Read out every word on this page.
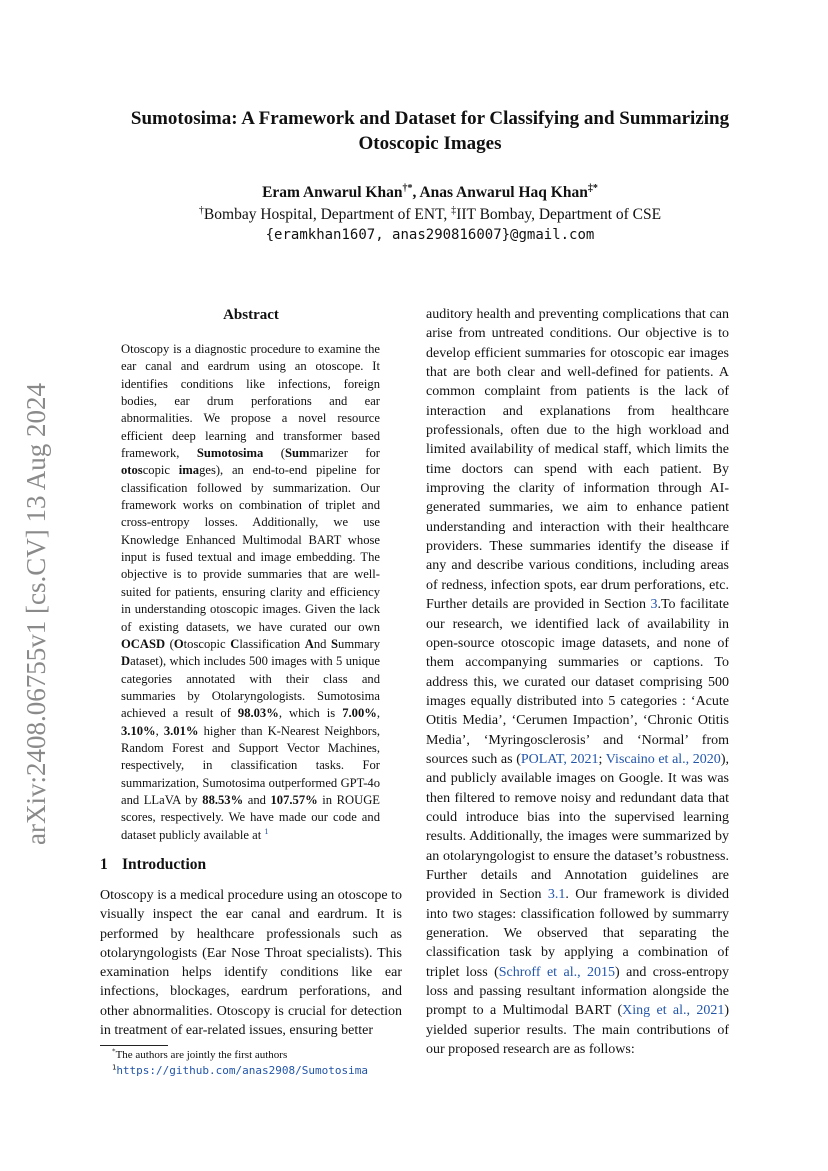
arXiv:2408.06755v1 [cs.CV] 13 Aug 2024
Sumotosima: A Framework and Dataset for Classifying and Summarizing
Otoscopic Images
Eram Anwarul Khan†*, Anas Anwarul Haq Khan‡*
†Bombay Hospital, Department of ENT, ‡IIT Bombay, Department of CSE
{eramkhan1607, anas290816007}@gmail.com
Abstract

Otoscopy is a diagnostic procedure to examine the ear canal and eardrum using an otoscope. It identifies conditions like infections, foreign bodies, ear drum perforations and ear abnormalities. We propose a novel resource efficient deep learning and transformer based framework, Sumotosima (Summarizer for otoscopic images), an end-to-end pipeline for classification followed by summarization. Our framework works on combination of triplet and cross-entropy losses. Additionally, we use Knowledge Enhanced Multimodal BART whose input is fused textual and image embedding. The objective is to provide summaries that are well-suited for patients, ensuring clarity and efficiency in understanding otoscopic images. Given the lack of existing datasets, we have curated our own OCASD (Otoscopic Classification And Summary Dataset), which includes 500 images with 5 unique categories annotated with their class and summaries by Otolaryngologists. Sumotosima achieved a result of 98.03%, which is 7.00%, 3.10%, 3.01% higher than K-Nearest Neighbors, Random Forest and Support Vector Machines, respectively, in classification tasks. For summarization, Sumotosima outperformed GPT-4o and LLaVA by 88.53% and 107.57% in ROUGE scores, respectively. We have made our code and dataset publicly available at $^1$

1 Introduction

Otoscopy is a medical procedure using an otoscope to visually inspect the ear canal and eardrum. It is performed by healthcare professionals such as otolaryngologists (Ear Nose Throat specialists). This examination helps identify conditions like ear infections, blockages, eardrum perforations, and other abnormalities. Otoscopy is crucial for detection in treatment of ear-related issues, ensuring better

*The authors are jointly the first authors
$^1$https://github.com/anas2908/Sumotosima

auditory health and preventing complications that can arise from untreated conditions. Our objective is to develop efficient summaries for otoscopic ear images that are both clear and well-defined for patients. A common complaint from patients is the lack of interaction and explanations from healthcare professionals, often due to the high workload and limited availability of medical staff, which limits the time doctors can spend with each patient. By improving the clarity of information through AI-generated summaries, we aim to enhance patient understanding and interaction with their healthcare providers. These summaries identify the disease if any and describe various conditions, including areas of redness, infection spots, ear drum perforations, etc. Further details are provided in Section 3.To facilitate our research, we identified lack of availability in open-source otoscopic image datasets, and none of them accompanying summaries or captions. To address this, we curated our dataset comprising 500 images equally distributed into 5 categories : ‘Acute Otitis Media’, ‘Cerumen Impaction’, ‘Chronic Otitis Media’, ‘Myringosclerosis’ and ‘Normal’ from sources such as (POLAT, 2021; Viscaino et al., 2020), and publicly available images on Google. It was was then filtered to remove noisy and redundant data that could introduce bias into the supervised learning results. Additionally, the images were summarized by an otolaryngologist to ensure the dataset’s robustness. Further details and Annotation guidelines are provided in Section 3.1. Our framework is divided into two stages: classification followed by summarry generation. We observed that separating the classification task by applying a combination of triplet loss (Schroff et al., 2015) and cross-entropy loss and passing resultant information alongside the prompt to a Multimodal BART (Xing et al., 2021) yielded superior results. The main contributions of our proposed research are as follows:
